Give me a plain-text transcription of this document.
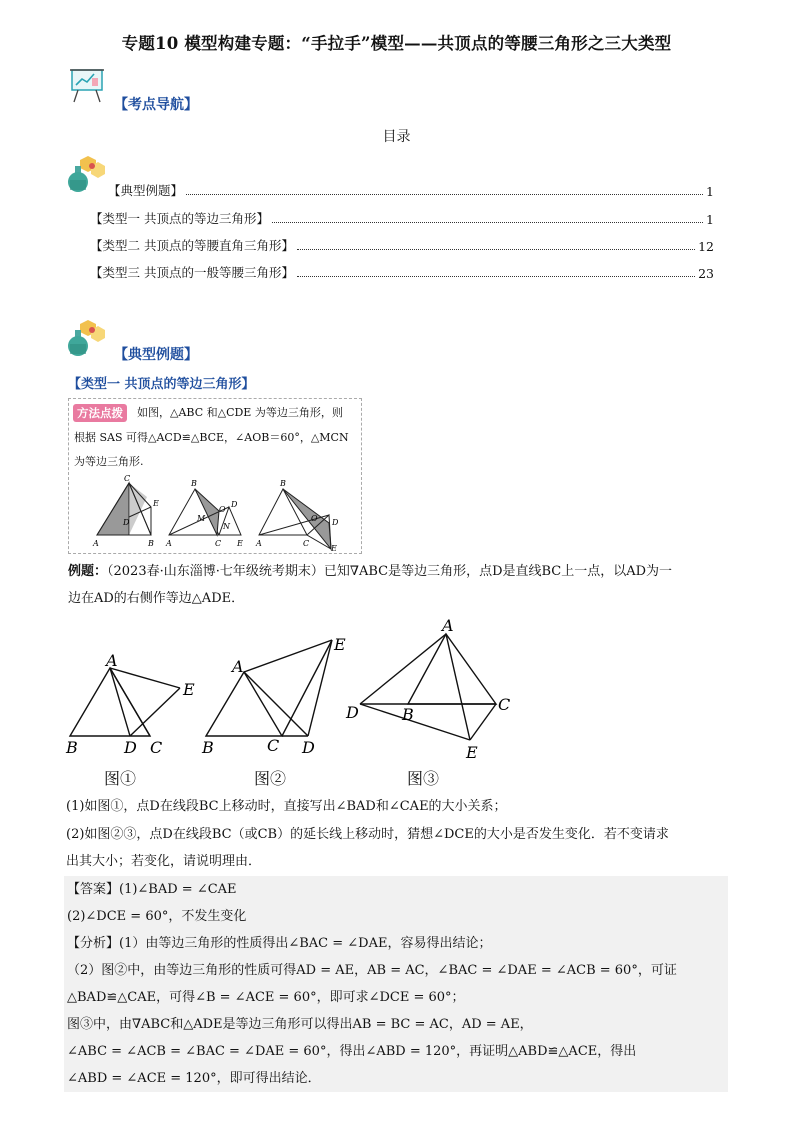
专题10 模型构建专题：“手拉手”模型——共顶点的等腰三角形之三大类型
【考点导航】
目录
【典型例题】	1
【类型一 共顶点的等边三角形】	1
【类型二 共顶点的等腰直角三角形】	12
【类型三 共顶点的一般等腰三角形】	23
【典型例题】
【类型一 共顶点的等边三角形】
方法点拨	如图，△ABC 和△CDE 为等边三角形，则
根据 SAS 可得△ACD≌△BCE，∠AOB＝60°，△MCN
为等边三角形.
C
E
D
A	B
B
O
D
M
N
A	C E
B
O D
A	C
E
例题：（2023春·山东淄博·七年级统考期末）已知∇ABC是等边三角形，点D是直线BC上一点，以AD为一
边在AD的右侧作等边△ADE．
A
E
B	D C
A
E
B	C D
A
C
D	B
E
图①	图②	图③
(1)如图①，点D在线段BC上移动时，直接写出∠BAD和∠CAE的大小关系；
(2)如图②③，点D在线段BC（或CB）的延长线上移动时，猜想∠DCE的大小是否发生变化．若不变请求
出其大小；若变化，请说明理由．
【答案】(1)∠BAD = ∠CAE
(2)∠DCE = 60°，不发生变化
【分析】(1）由等边三角形的性质得出∠BAC = ∠DAE，容易得出结论；
（2）图②中，由等边三角形的性质可得AD = AE，AB = AC，∠BAC = ∠DAE = ∠ACB = 60°，可证
△BAD≌△CAE，可得∠B = ∠ACE = 60°，即可求∠DCE = 60°；
图③中，由∇ABC和△ADE是等边三角形可以得出AB = BC = AC，AD = AE，
∠ABC = ∠ACB = ∠BAC = ∠DAE = 60°，得出∠ABD = 120°，再证明△ABD≌△ACE，得出
∠ABD = ∠ACE = 120°，即可得出结论．
